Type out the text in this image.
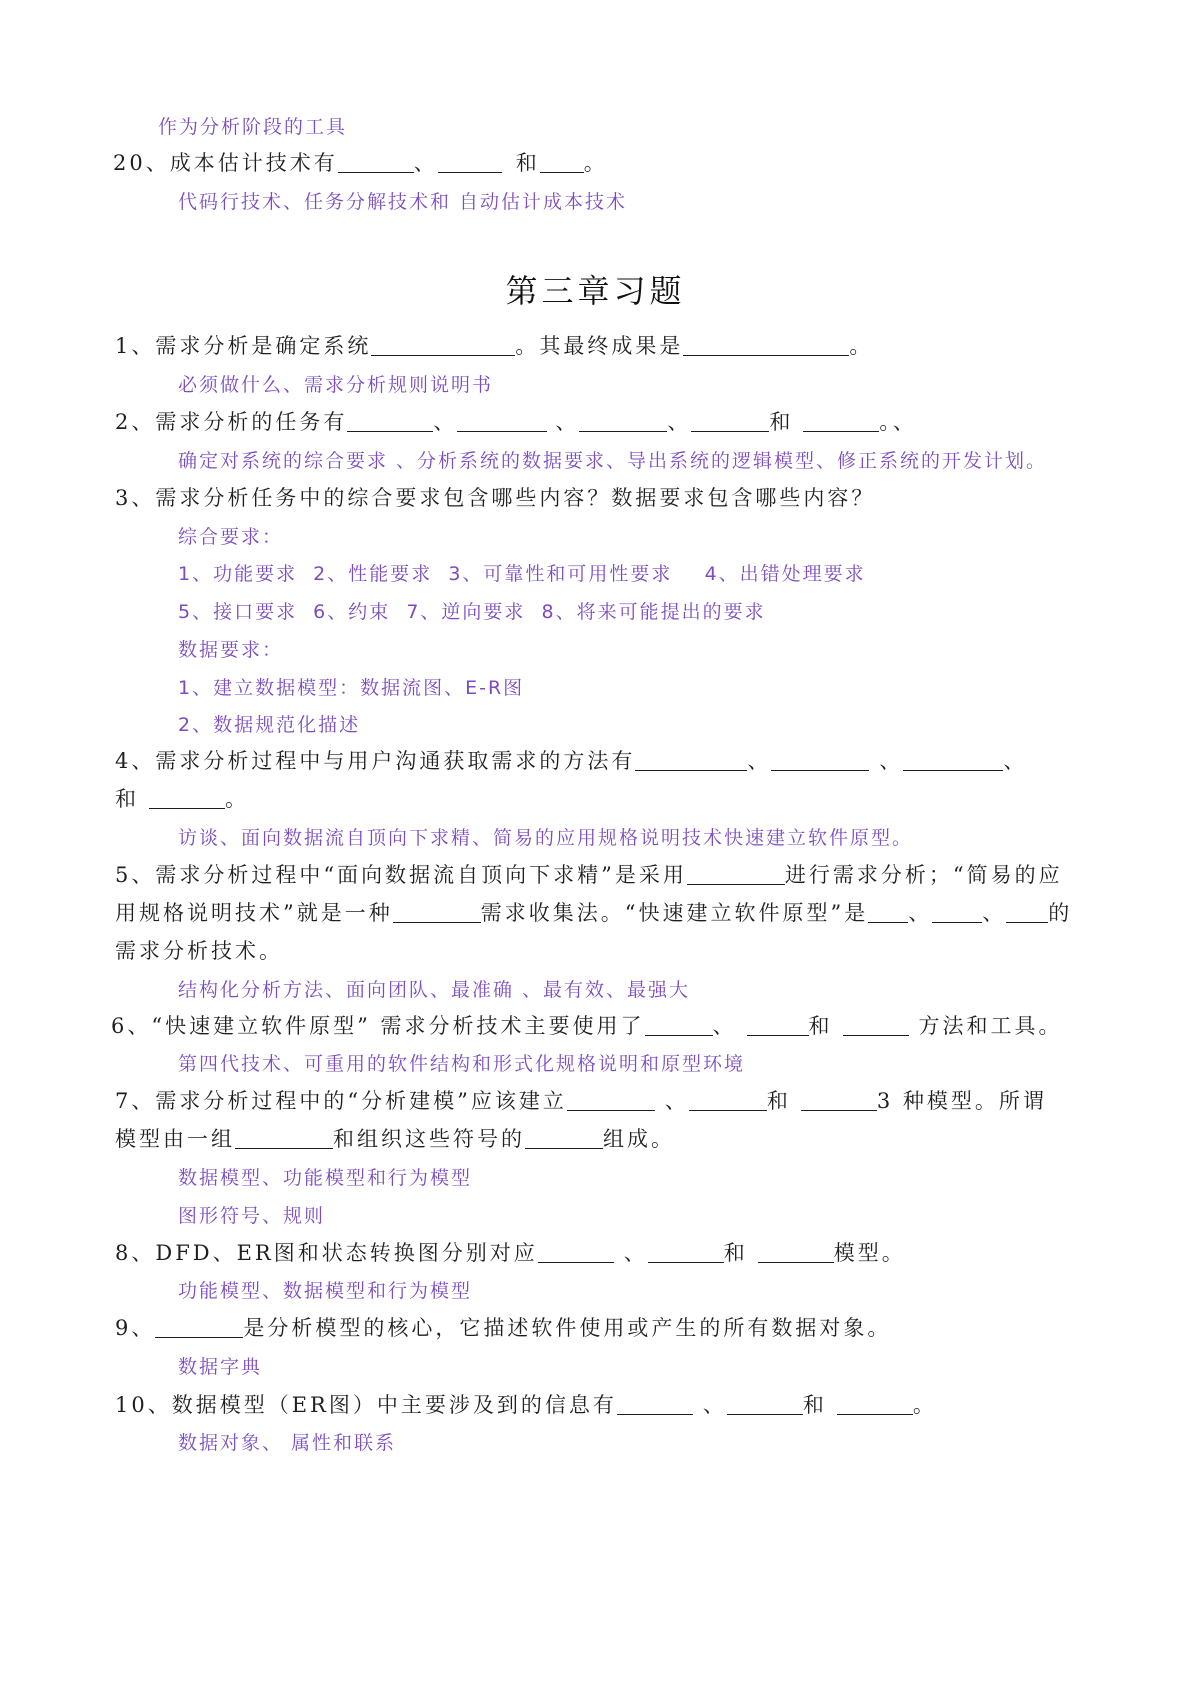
作为分析阶段的工具
20、成本估计技术有	、	和 。
代码行技术、任务分解技术和 自动估计成本技术
第三章习题
1、需求分析是确定系统	。其最终成果是	。
必须做什么、需求分析规则说明书
2、需求分析的任务有	、	、	、	和	。、
确定对系统的综合要求 、分析系统的数据要求、导出系统的逻辑模型、修正系统的开发计划。
3、需求分析任务中的综合要求包含哪些内容？数据要求包含哪些内容？
综合要求：
1、功能要求  2、性能要求  3、可靠性和可用性要求    4、出错处理要求
5、接口要求  6、约束  7、逆向要求  8、将来可能提出的要求
数据要求：
1、建立数据模型：数据流图、E-R图
2、数据规范化描述
4、需求分析过程中与用户沟通获取需求的方法有	、	、	、
和	。
访谈、面向数据流自顶向下求精、简易的应用规格说明技术快速建立软件原型。
5、需求分析过程中“面向数据流自顶向下求精”是采用	进行需求分析；“简易的应
用规格说明技术”就是一种	需求收集法。“快速建立软件原型”是 、 、 的
需求分析技术。
结构化分析方法、面向团队、最准确 、最有效、最强大
6、“快速建立软件原型” 需求分析技术主要使用了	、	和	方法和工具。
第四代技术、可重用的软件结构和形式化规格说明和原型环境
7、需求分析过程中的“分析建模”应该建立	、	和	3 种模型。所谓
模型由一组	和组织这些符号的	组成。
数据模型、功能模型和行为模型
图形符号、规则
8、DFD、ER图和状态转换图分别对应	、	和	模型。
功能模型、数据模型和行为模型
9、	是分析模型的核心，它描述软件使用或产生的所有数据对象。
数据字典
10、数据模型（ER图）中主要涉及到的信息有	、	和	。
数据对象、 属性和联系
